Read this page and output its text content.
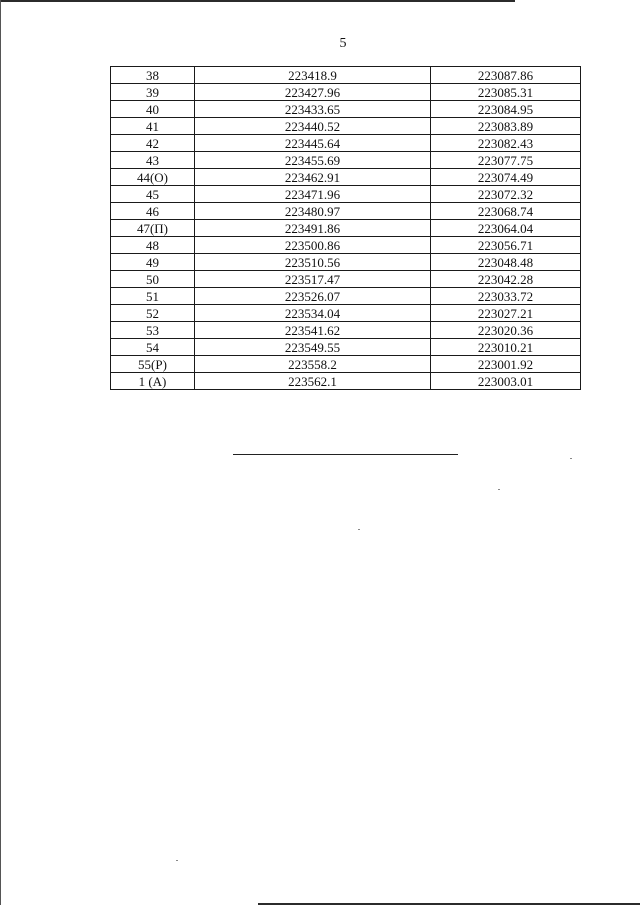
5
38	223418.9	223087.86
39	223427.96	223085.31
40	223433.65	223084.95
41	223440.52	223083.89
42	223445.64	223082.43
43	223455.69	223077.75
44(O)	223462.91	223074.49
45	223471.96	223072.32
46	223480.97	223068.74
47(П)	223491.86	223064.04
48	223500.86	223056.71
49	223510.56	223048.48
50	223517.47	223042.28
51	223526.07	223033.72
52	223534.04	223027.21
53	223541.62	223020.36
54	223549.55	223010.21
55(Р)	223558.2	223001.92
1 (А)	223562.1	223003.01
